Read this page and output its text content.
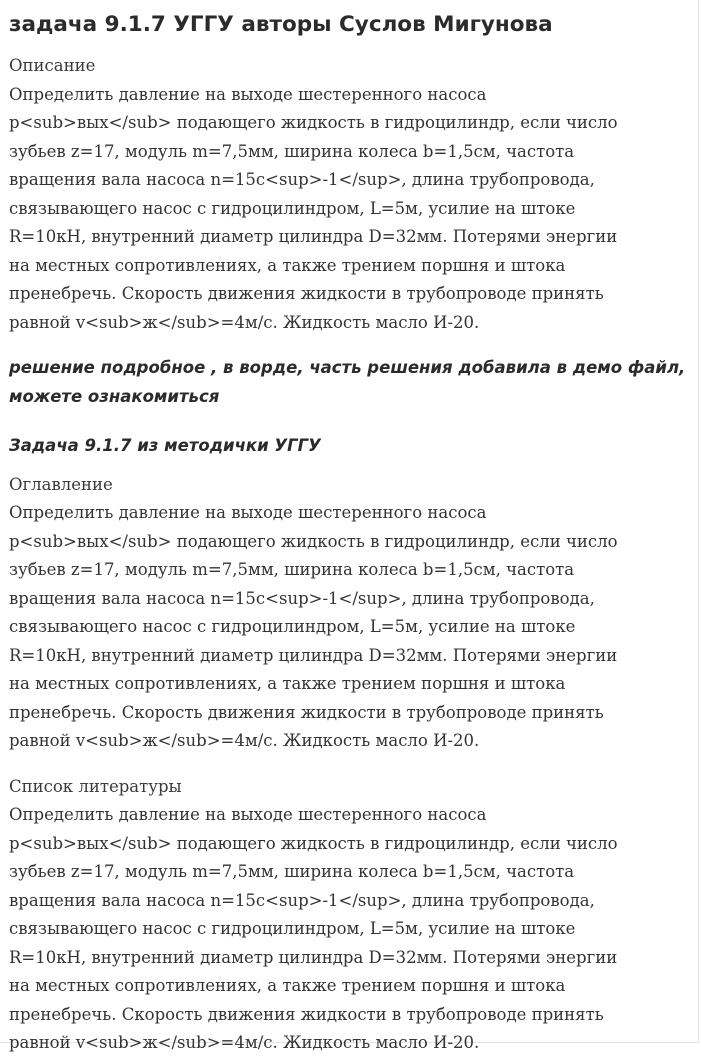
задача 9.1.7 УГГУ авторы Суслов Мигунова
Описание
Определить давление на выходе шестеренного насоса
p<sub>вых</sub> подающего жидкость в гидроцилиндр, если число
зубьев z=17, модуль m=7,5мм, ширина колеса b=1,5см, частота
вращения вала насоса n=15с<sup>-1</sup>, длина трубопровода,
связывающего насос с гидроцилиндром, L=5м, усилие на штоке
R=10кН, внутренний диаметр цилиндра D=32мм. Потерями энергии
на местных сопротивлениях, а также трением поршня и штока
пренебречь. Скорость движения жидкости в трубопроводе принять
равной v<sub>ж</sub>=4м/с. Жидкость масло И-20.
решение подробное , в ворде, часть решения добавила в демо файл,
можете ознакомиться
Задача 9.1.7 из методички УГГУ
Оглавление
Определить давление на выходе шестеренного насоса
p<sub>вых</sub> подающего жидкость в гидроцилиндр, если число
зубьев z=17, модуль m=7,5мм, ширина колеса b=1,5см, частота
вращения вала насоса n=15с<sup>-1</sup>, длина трубопровода,
связывающего насос с гидроцилиндром, L=5м, усилие на штоке
R=10кН, внутренний диаметр цилиндра D=32мм. Потерями энергии
на местных сопротивлениях, а также трением поршня и штока
пренебречь. Скорость движения жидкости в трубопроводе принять
равной v<sub>ж</sub>=4м/с. Жидкость масло И-20.
Список литературы
Определить давление на выходе шестеренного насоса
p<sub>вых</sub> подающего жидкость в гидроцилиндр, если число
зубьев z=17, модуль m=7,5мм, ширина колеса b=1,5см, частота
вращения вала насоса n=15с<sup>-1</sup>, длина трубопровода,
связывающего насос с гидроцилиндром, L=5м, усилие на штоке
R=10кН, внутренний диаметр цилиндра D=32мм. Потерями энергии
на местных сопротивлениях, а также трением поршня и штока
пренебречь. Скорость движения жидкости в трубопроводе принять
равной v<sub>ж</sub>=4м/с. Жидкость масло И-20.
